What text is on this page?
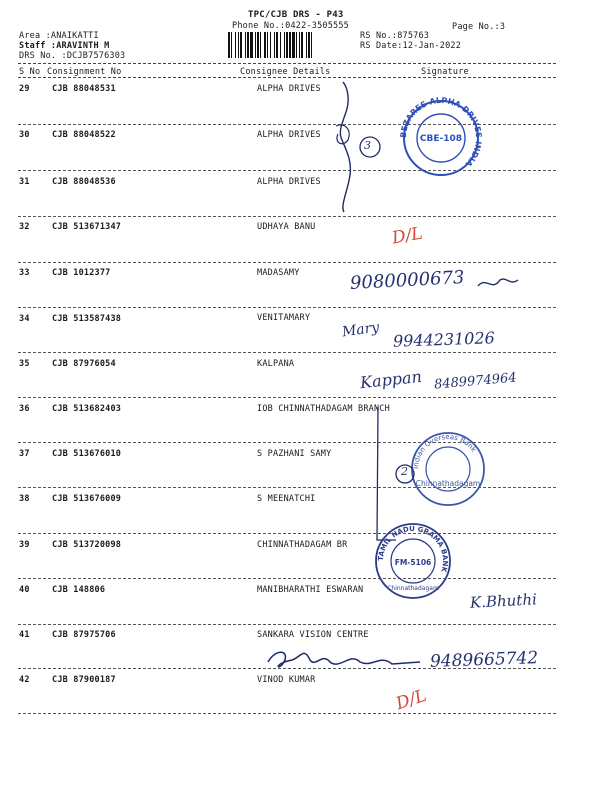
TPC/CJB DRS - P43
Phone No.:0422-3505555	Page No.:3
Area :ANAIKATTI
Staff :ARAVINTH M
DRS No. :DCJB7576303
RS No.:875763
RS Date:12-Jan-2022
S No Consignment No	Consignee Details	Signature
29	CJB 88048531	ALPHA DRIVES
30	CJB 88048522	ALPHA DRIVES
31	CJB 88048536	ALPHA DRIVES
32	CJB 513671347	UDHAYA BANU
33	CJB 1012377	MADASAMY
34	CJB 513587438	VENITAMARY
35	CJB 87976054	KALPANA
36	CJB 513682403	IOB CHINNATHADAGAM BRANCH
37	CJB 513676010	S PAZHANI SAMY
38	CJB 513676009	S MEENATCHI
39	CJB 513720098	CHINNATHADAGAM BR
40	CJB 148806	MANIBHARATHI ESWARAN
41	CJB 87975706	SANKARA VISION CENTRE
42	CJB 87900187	VINOD KUMAR
BEZARES ALPHA DRIVES INDIA
CBE-108
Indian Overseas Bank
Chinnathadagam
TAMIL NADU GRAMA BANK
FM-5106
Chinnathadagam
3
D/L
9080000673
Mary 9944231026
Kappan 8489974964
2
K.Bhuthi
9489665742
D/L
